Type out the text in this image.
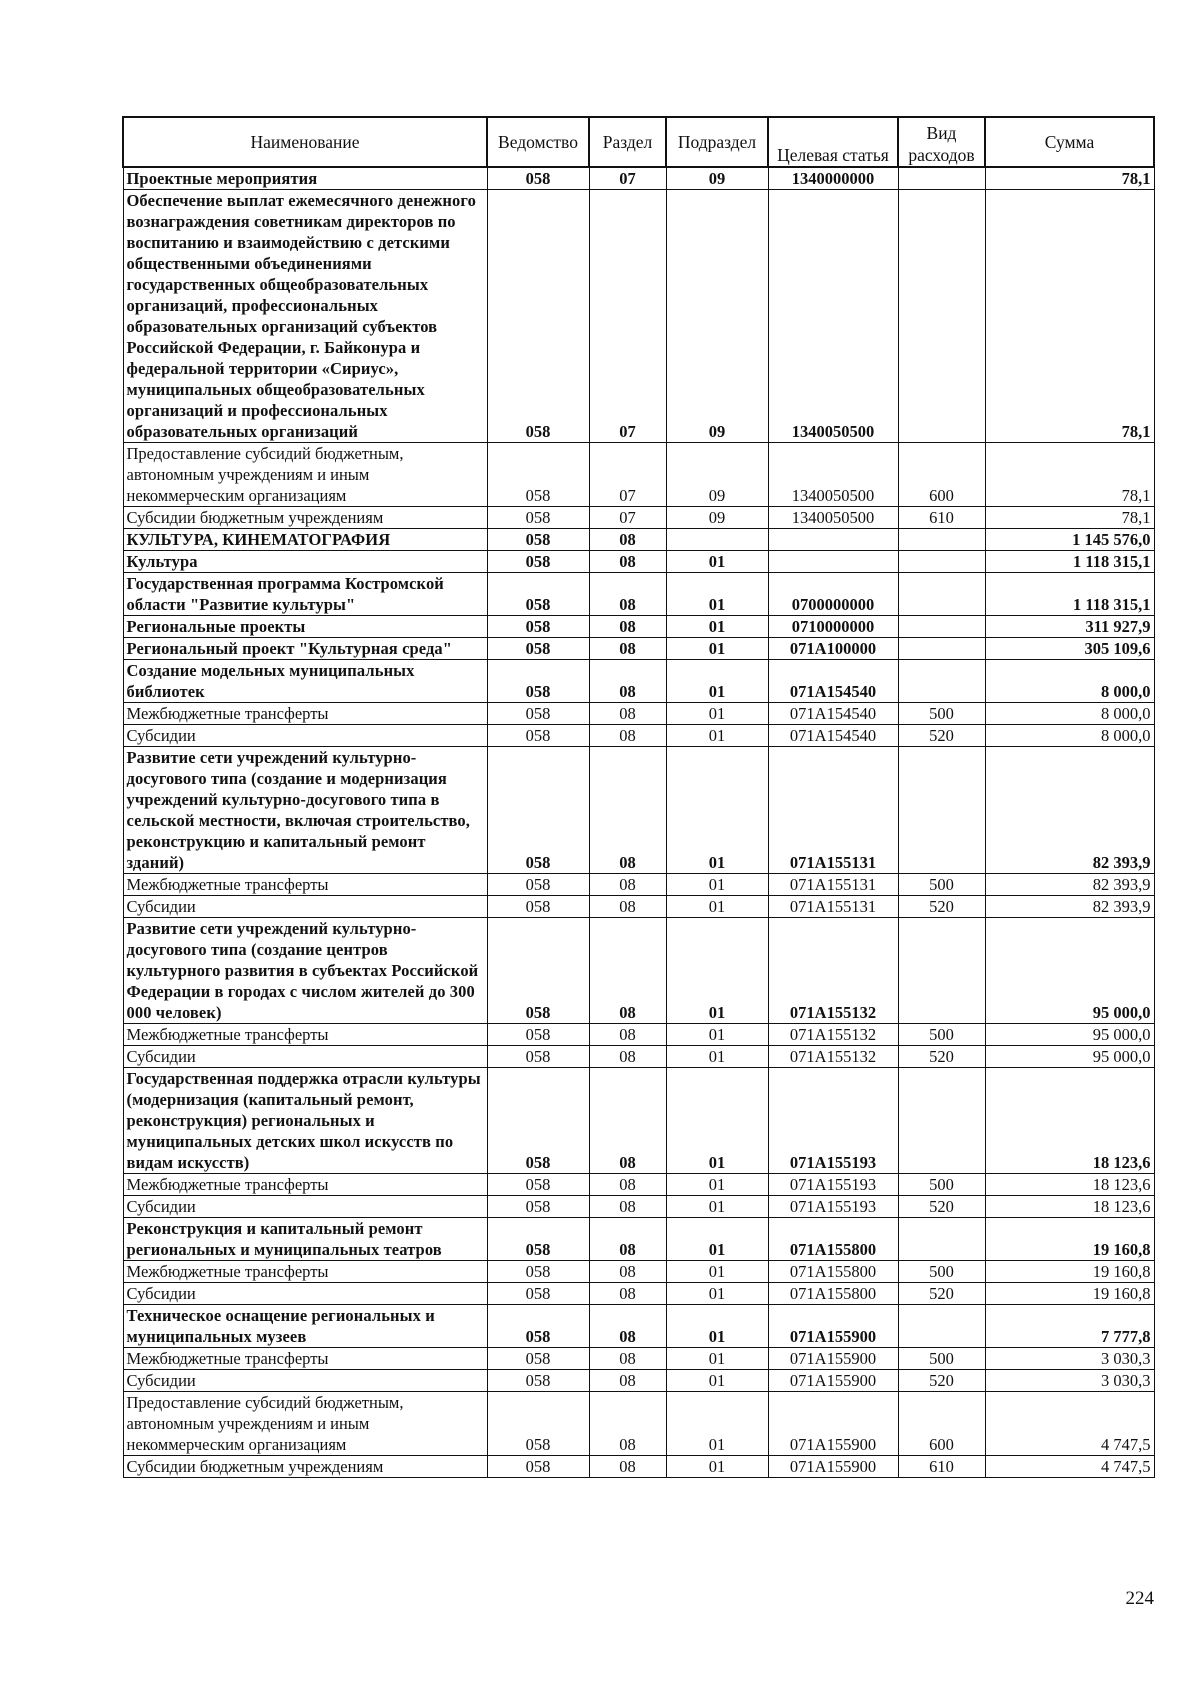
Наименование	Ведомство	Раздел	Подраздел	Целевая статья	Вид расходов	Сумма
Проектные мероприятия	058	07	09	1340000000		78,1
Обеспечение выплат ежемесячного денежного вознаграждения советникам директоров по воспитанию и взаимодействию с детскими общественными объединениями государственных общеобразовательных организаций, профессиональных образовательных организаций субъектов Российской Федерации, г. Байконура и федеральной территории «Сириус», муниципальных общеобразовательных организаций и профессиональных образовательных организаций	058	07	09	1340050500		78,1
Предоставление субсидий бюджетным, автономным учреждениям и иным некоммерческим организациям	058	07	09	1340050500	600	78,1
Субсидии бюджетным учреждениям	058	07	09	1340050500	610	78,1
КУЛЬТУРА, КИНЕМАТОГРАФИЯ	058	08				1 145 576,0
Культура	058	08	01			1 118 315,1
Государственная программа Костромской области "Развитие культуры"	058	08	01	0700000000		1 118 315,1
Региональные проекты	058	08	01	0710000000		311 927,9
Региональный проект "Культурная среда"	058	08	01	071А100000		305 109,6
Создание модельных муниципальных библиотек	058	08	01	071А154540		8 000,0
Межбюджетные трансферты	058	08	01	071А154540	500	8 000,0
Субсидии	058	08	01	071А154540	520	8 000,0
Развитие сети учреждений культурно-досугового типа (создание и модернизация учреждений культурно-досугового типа в сельской местности, включая строительство, реконструкцию и капитальный ремонт зданий)	058	08	01	071А155131		82 393,9
Межбюджетные трансферты	058	08	01	071А155131	500	82 393,9
Субсидии	058	08	01	071А155131	520	82 393,9
Развитие сети учреждений культурно-досугового типа (создание центров культурного развития в субъектах Российской Федерации в городах с числом жителей до 300 000 человек)	058	08	01	071А155132		95 000,0
Межбюджетные трансферты	058	08	01	071А155132	500	95 000,0
Субсидии	058	08	01	071А155132	520	95 000,0
Государственная поддержка отрасли культуры (модернизация (капитальный ремонт, реконструкция) региональных и муниципальных детских школ искусств по видам искусств)	058	08	01	071А155193		18 123,6
Межбюджетные трансферты	058	08	01	071А155193	500	18 123,6
Субсидии	058	08	01	071А155193	520	18 123,6
Реконструкция и капитальный ремонт региональных и муниципальных театров	058	08	01	071А155800		19 160,8
Межбюджетные трансферты	058	08	01	071А155800	500	19 160,8
Субсидии	058	08	01	071А155800	520	19 160,8
Техническое оснащение региональных и муниципальных музеев	058	08	01	071А155900		7 777,8
Межбюджетные трансферты	058	08	01	071А155900	500	3 030,3
Субсидии	058	08	01	071А155900	520	3 030,3
Предоставление субсидий бюджетным, автономным учреждениям и иным некоммерческим организациям	058	08	01	071А155900	600	4 747,5
Субсидии бюджетным учреждениям	058	08	01	071А155900	610	4 747,5
224
